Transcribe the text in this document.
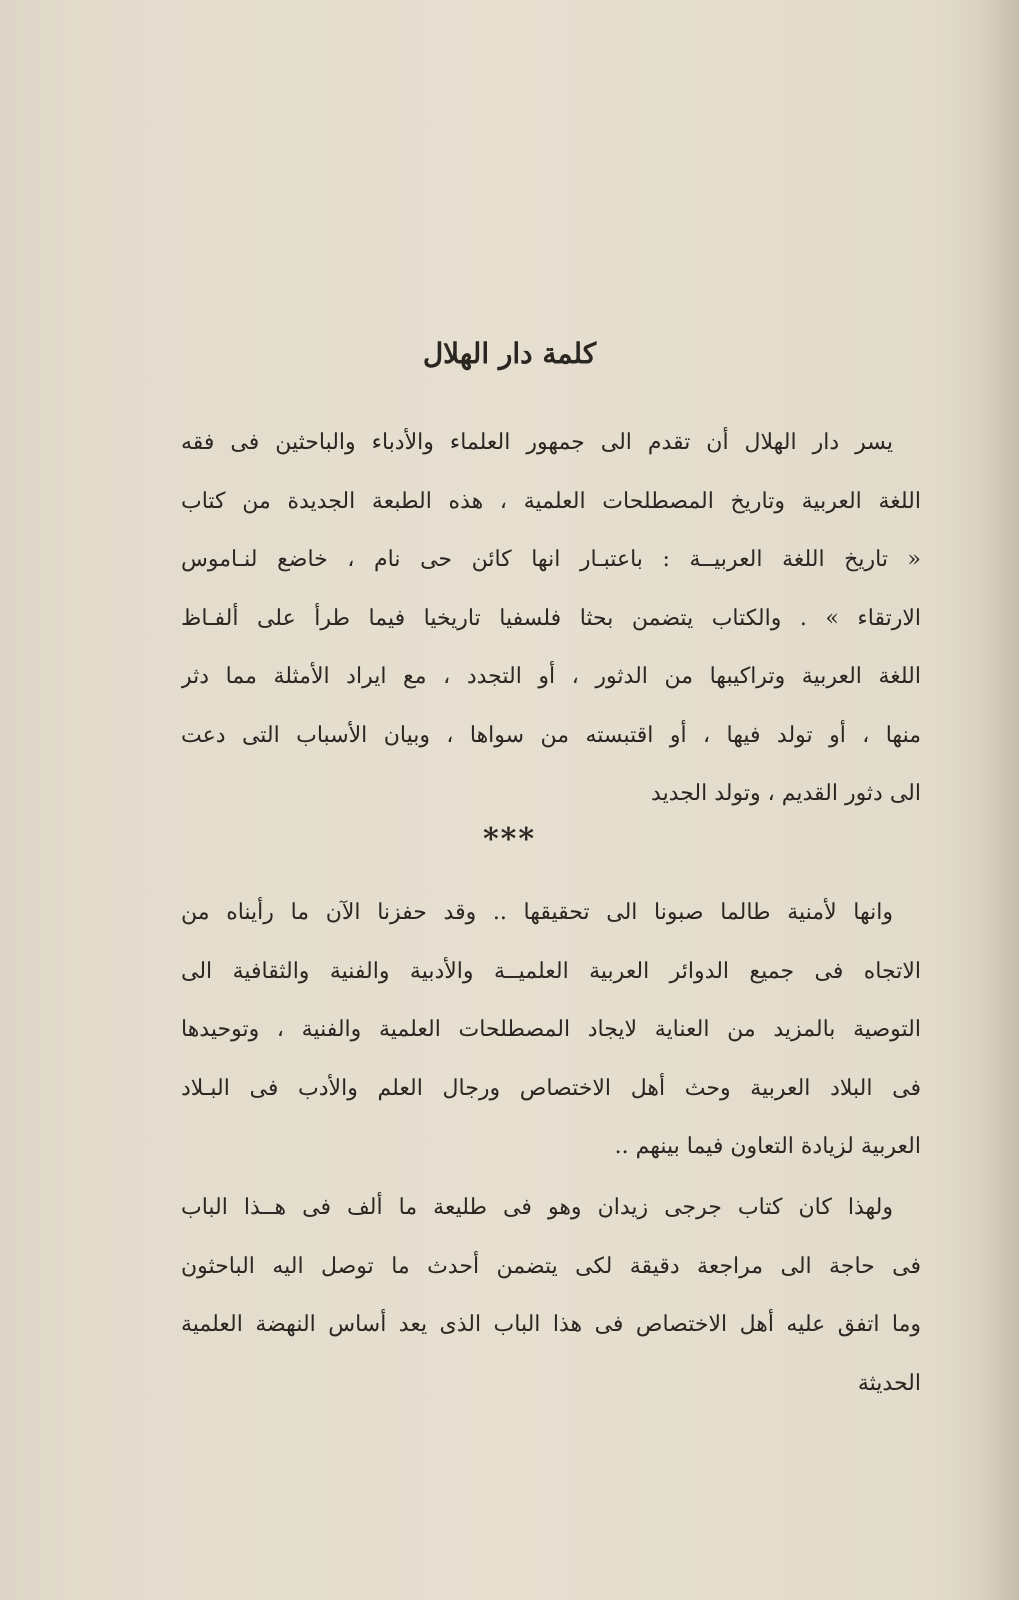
كلمة دار الهلال
يسر دار الهلال أن تقدم الى جمهور العلماء والأدباء والباحثين فى فقه
اللغة العربية وتاريخ المصطلحات العلمية ، هذه الطبعة الجديدة من كتاب
« تاريخ اللغة العربيــة : باعتبـار انها كائن حى نام ، خاضع لنـاموس
الارتقاء » . والكتاب يتضمن بحثا فلسفيا تاريخيا فيما طرأ على ألفـاظ
اللغة العربية وتراكيبها من الدثور ، أو التجدد ، مع ايراد الأمثلة مما دثر
منها ، أو تولد فيها ، أو اقتبسته من سواها ، وبيان الأسباب التى دعت
الى دثور القديم ، وتولد الجديد
***
وانها لأمنية طالما صبونا الى تحقيقها .. وقد حفزنا الآن ما رأيناه من
الاتجاه فى جميع الدوائر العربية العلميــة والأدبية والفنية والثقافية الى
التوصية بالمزيد من العناية لايجاد المصطلحات العلمية والفنية ، وتوحيدها
فى البلاد العربية وحث أهل الاختصاص ورجال العلم والأدب فى البـلاد
العربية لزيادة التعاون فيما بينهم ..
ولهذا كان كتاب جرجى زيدان وهو فى طليعة ما ألف فى هــذا الباب
فى حاجة الى مراجعة دقيقة لكى يتضمن أحدث ما توصل اليه الباحثون
وما اتفق عليه أهل الاختصاص فى هذا الباب الذى يعد أساس النهضة العلمية
الحديثة
